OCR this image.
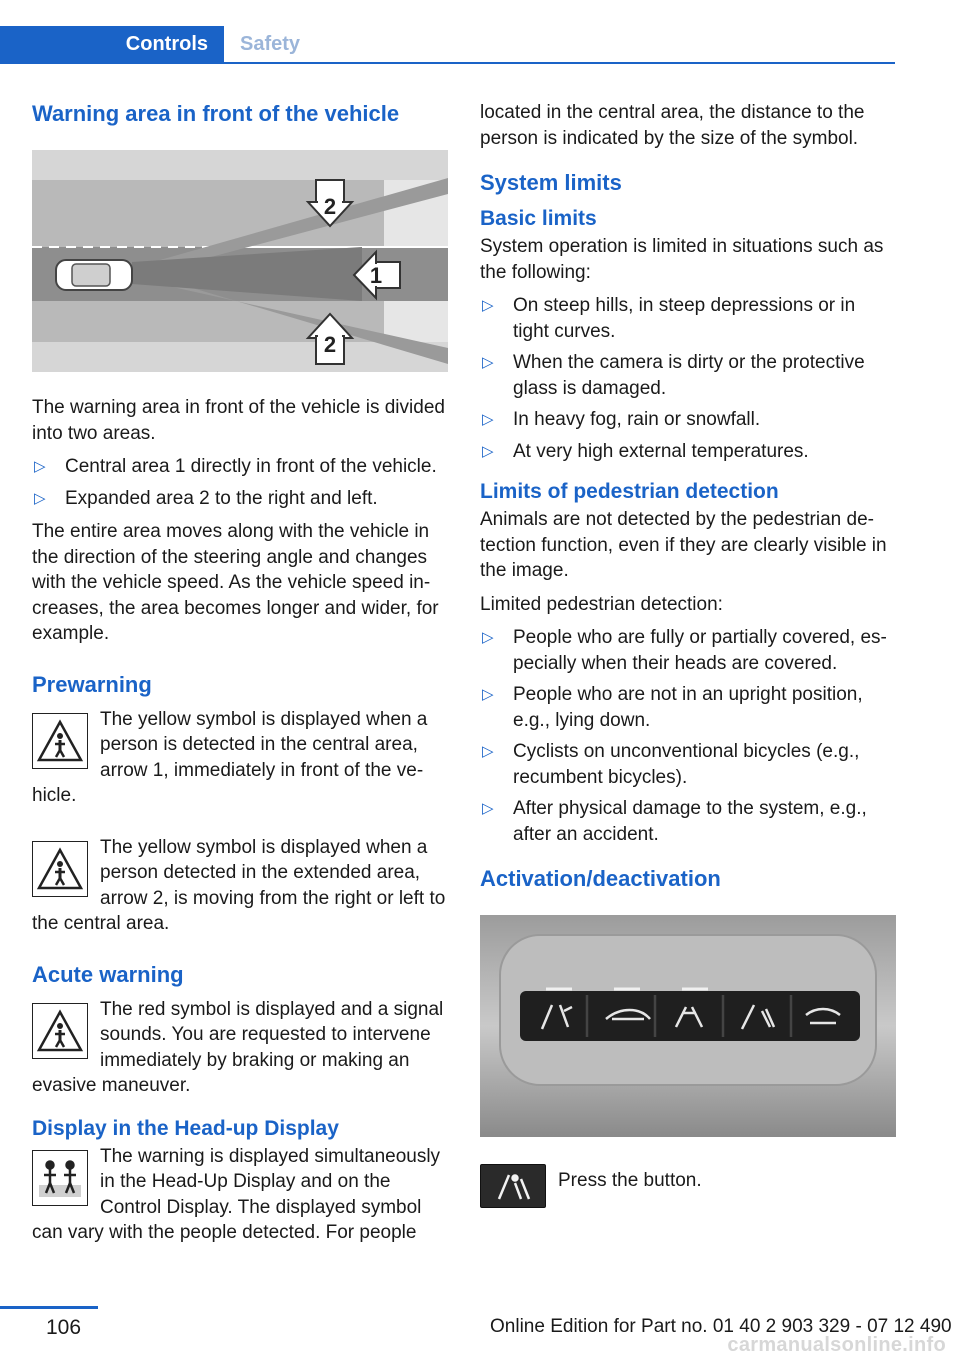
Controls	Safety
Warning area in front of the vehicle
2
1
2

The warning area in front of the vehicle is divided into two areas.

▷ Central area 1 directly in front of the vehicle.
▷ Expanded area 2 to the right and left.

The entire area moves along with the vehicle in the direction of the steering angle and changes with the vehicle speed. As the vehicle speed increases, the area becomes longer and wider, for example.

Prewarning

The yellow symbol is displayed when a person is detected in the central area, arrow 1, immediately in front of the vehicle.

The yellow symbol is displayed when a person detected in the extended area, arrow 2, is moving from the right or left to the central area.

Acute warning

The red symbol is displayed and a signal sounds. You are requested to intervene immediately by braking or making an evasive maneuver.

Display in the Head-up Display

The warning is displayed simultaneously in the Head-Up Display and on the Control Display. The displayed symbol can vary with the people detected. For people

located in the central area, the distance to the person is indicated by the size of the symbol.

System limits
Basic limits

System operation is limited in situations such as the following:

▷ On steep hills, in steep depressions or in tight curves.
▷ When the camera is dirty or the protective glass is damaged.
▷ In heavy fog, rain or snowfall.
▷ At very high external temperatures.
Limits of pedestrian detection

Animals are not detected by the pedestrian detection function, even if they are clearly visible in the image.

Limited pedestrian detection:

▷ People who are fully or partially covered, especially when their heads are covered.
▷ People who are not in an upright position, e.g., lying down.
▷ Cyclists on unconventional bicycles (e.g., recumbent bicycles).
▷ After physical damage to the system, e.g., after an accident.
Activation/deactivation

Press the button.

106	Online Edition for Part no. 01 40 2 903 329 - 07 12 490
carmanualsonline.info
